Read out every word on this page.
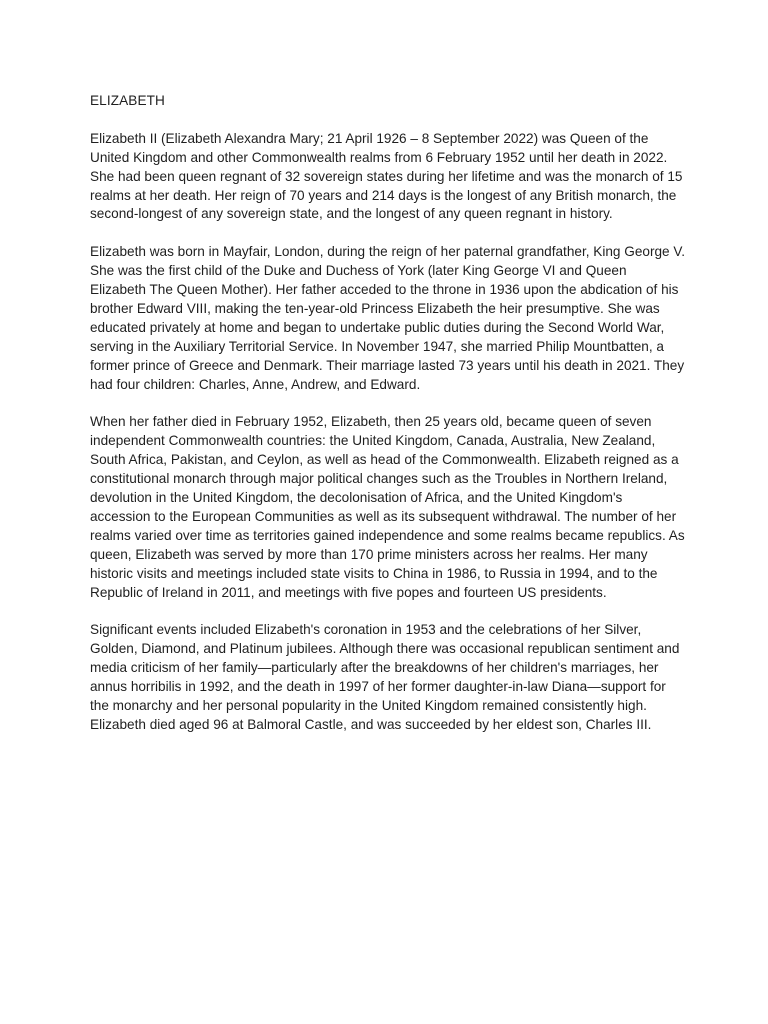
ELIZABETH

Elizabeth II (Elizabeth Alexandra Mary; 21 April 1926 – 8 September 2022) was Queen of the United Kingdom and other Commonwealth realms from 6 February 1952 until her death in 2022. She had been queen regnant of 32 sovereign states during her lifetime and was the monarch of 15 realms at her death. Her reign of 70 years and 214 days is the longest of any British monarch, the second-longest of any sovereign state, and the longest of any queen regnant in history.

Elizabeth was born in Mayfair, London, during the reign of her paternal grandfather, King George V. She was the first child of the Duke and Duchess of York (later King George VI and Queen Elizabeth The Queen Mother). Her father acceded to the throne in 1936 upon the abdication of his brother Edward VIII, making the ten-year-old Princess Elizabeth the heir presumptive. She was educated privately at home and began to undertake public duties during the Second World War, serving in the Auxiliary Territorial Service. In November 1947, she married Philip Mountbatten, a former prince of Greece and Denmark. Their marriage lasted 73 years until his death in 2021. They had four children: Charles, Anne, Andrew, and Edward.

When her father died in February 1952, Elizabeth, then 25 years old, became queen of seven independent Commonwealth countries: the United Kingdom, Canada, Australia, New Zealand, South Africa, Pakistan, and Ceylon, as well as head of the Commonwealth. Elizabeth reigned as a constitutional monarch through major political changes such as the Troubles in Northern Ireland, devolution in the United Kingdom, the decolonisation of Africa, and the United Kingdom's accession to the European Communities as well as its subsequent withdrawal. The number of her realms varied over time as territories gained independence and some realms became republics. As queen, Elizabeth was served by more than 170 prime ministers across her realms. Her many historic visits and meetings included state visits to China in 1986, to Russia in 1994, and to the Republic of Ireland in 2011, and meetings with five popes and fourteen US presidents.

Significant events included Elizabeth's coronation in 1953 and the celebrations of her Silver, Golden, Diamond, and Platinum jubilees. Although there was occasional republican sentiment and media criticism of her family—particularly after the breakdowns of her children's marriages, her annus horribilis in 1992, and the death in 1997 of her former daughter-in-law Diana—support for the monarchy and her personal popularity in the United Kingdom remained consistently high. Elizabeth died aged 96 at Balmoral Castle, and was succeeded by her eldest son, Charles III.
